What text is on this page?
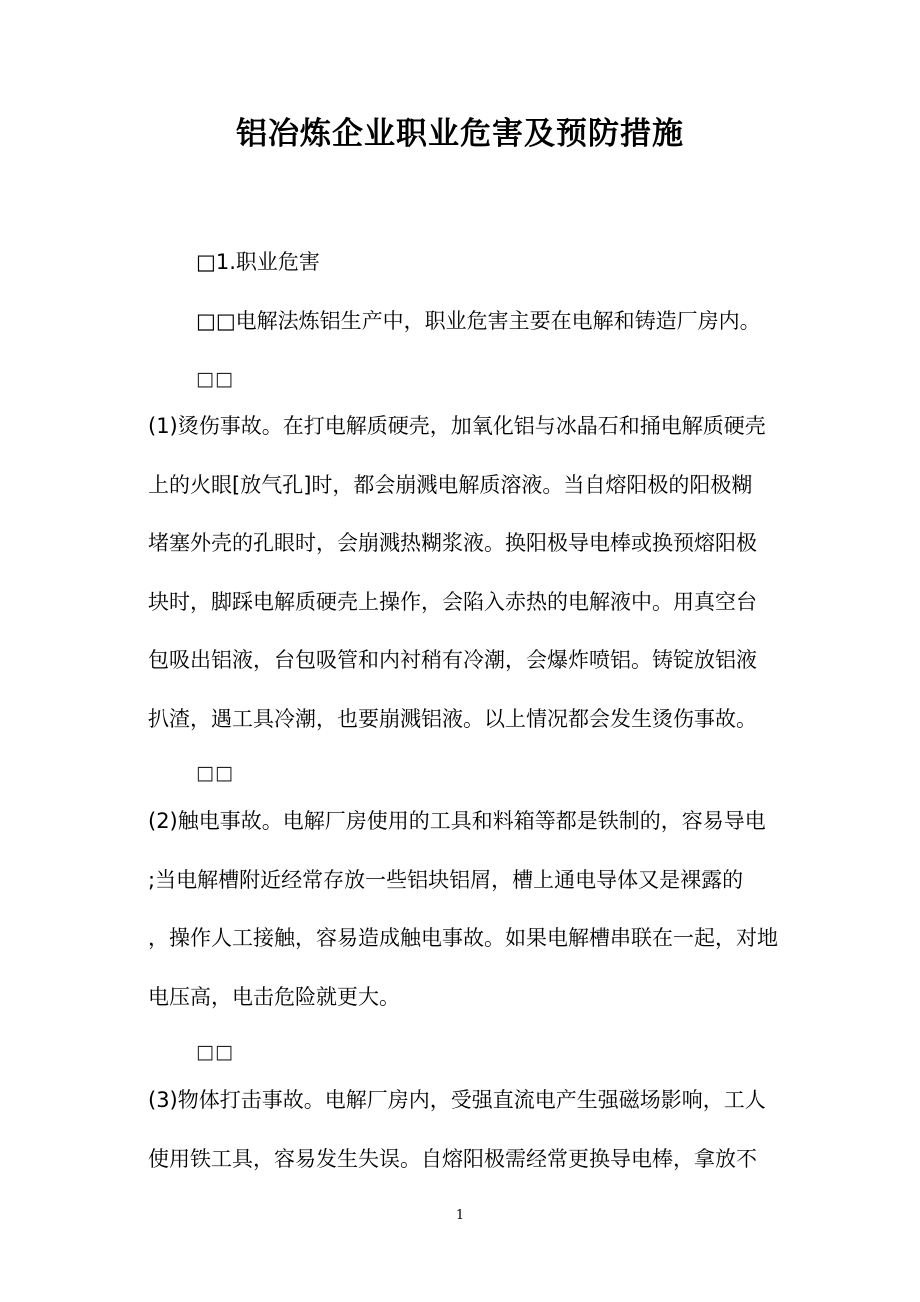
铝冶炼企业职业危害及预防措施
□1.职业危害
□□电解法炼铝生产中，职业危害主要在电解和铸造厂房内。
□□
(1)烫伤事故。在打电解质硬壳，加氧化铝与冰晶石和捅电解质硬壳
上的火眼[放气孔]时，都会崩溅电解质溶液。当自熔阳极的阳极糊
堵塞外壳的孔眼时，会崩溅热糊浆液。换阳极导电棒或换预熔阳极
块时，脚踩电解质硬壳上操作，会陷入赤热的电解液中。用真空台
包吸出铝液，台包吸管和内衬稍有冷潮，会爆炸喷铝。铸锭放铝液
扒渣，遇工具冷潮，也要崩溅铝液。以上情况都会发生烫伤事故。
□□
(2)触电事故。电解厂房使用的工具和料箱等都是铁制的，容易导电
;当电解槽附近经常存放一些铝块铝屑，槽上通电导体又是裸露的
，操作人工接触，容易造成触电事故。如果电解槽串联在一起，对地
电压高，电击危险就更大。
□□
(3)物体打击事故。电解厂房内，受强直流电产生强磁场影响，工人
使用铁工具，容易发生失误。自熔阳极需经常更换导电棒，拿放不
1
